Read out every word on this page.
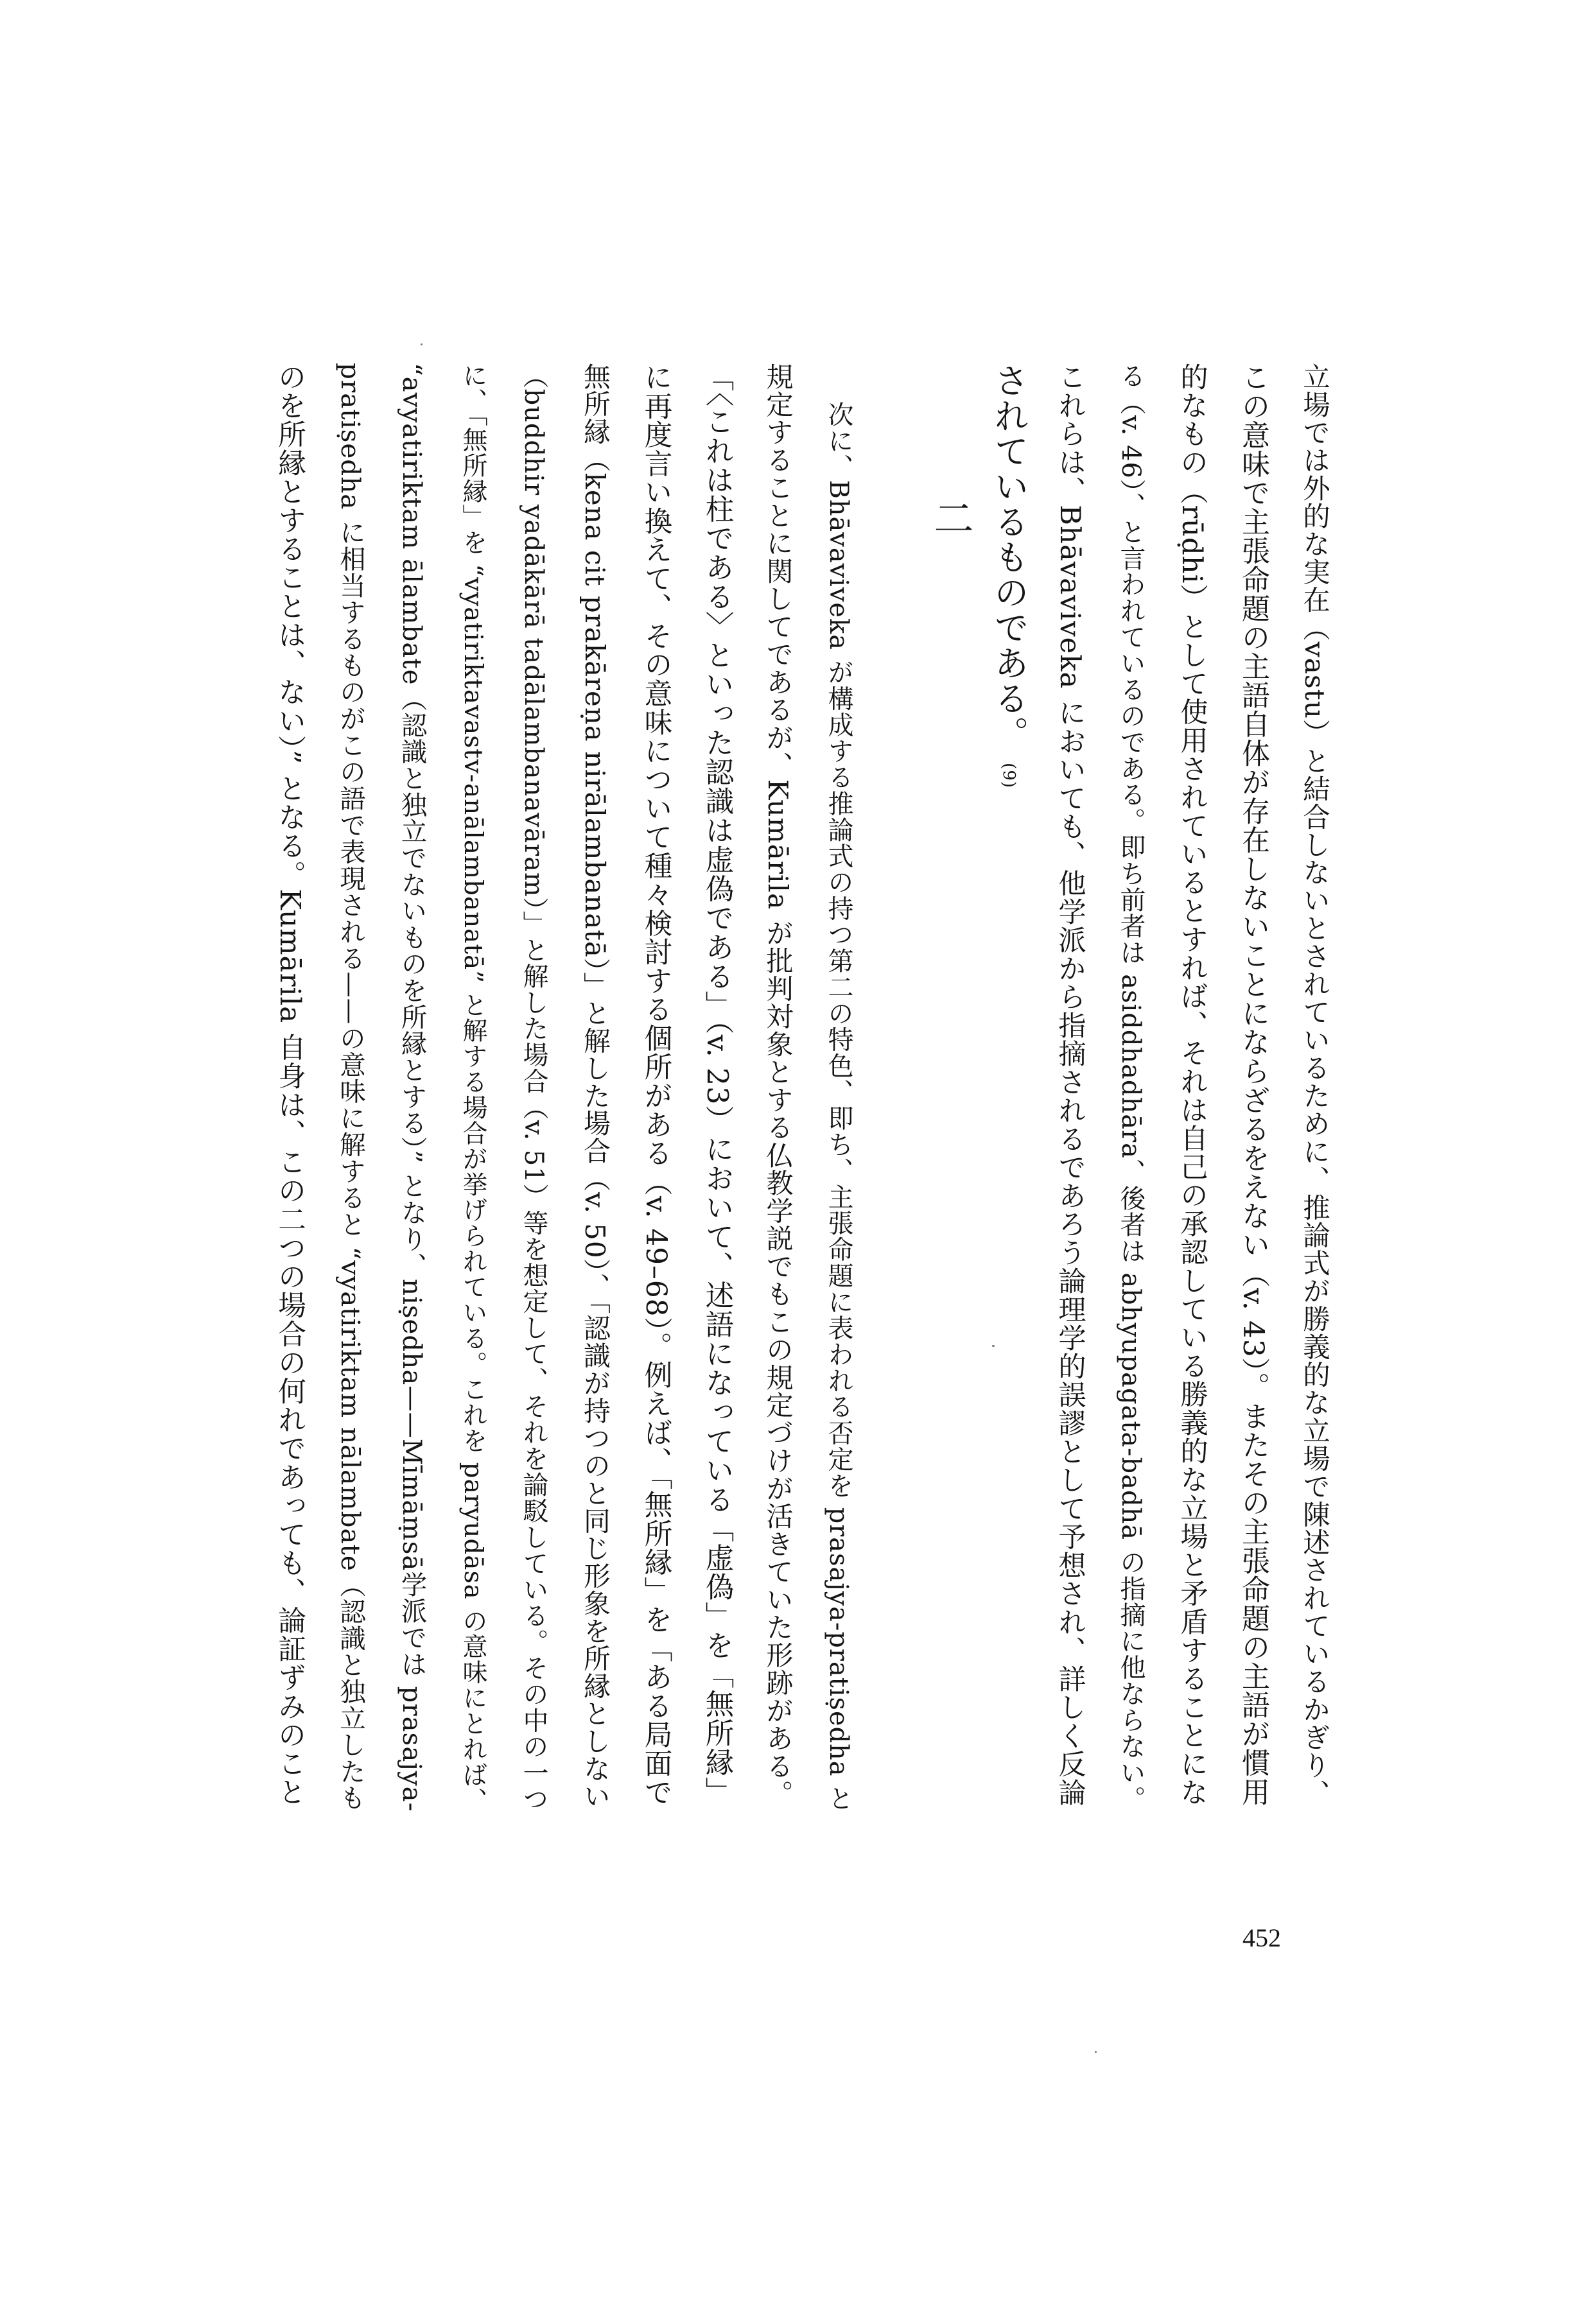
立場では外的な実在（vastu）と結合しないとされているために、推論式が勝義的な立場で陳述されているかぎり、
この意味で主張命題の主語自体が存在しないことにならざるをえない（v. 43）。またその主張命題の主語が慣用
的なもの（rūḍhi）として使用されているとすれば、それは自己の承認している勝義的な立場と矛盾することにな
る（v. 46）、と言われているのである。即ち前者は asiddhadhāra、後者は abhyupagata-badhā の指摘に他ならない。
これらは、Bhāvaviveka においても、他学派から指摘されるであろう論理学的誤謬として予想され、詳しく反論
されているものである。 (9)
二
次に、Bhāvaviveka が構成する推論式の持つ第二の特色、即ち、主張命題に表われる否定を prasajya-pratiṣedha と
規定することに関してであるが、Kumārila が批判対象とする仏教学説でもこの規定づけが活きていた形跡がある。
「〈これは柱である〉といった認識は虚偽である」（v. 23）において、述語になっている「虚偽」を「無所縁」
に再度言い換えて、その意味について種々検討する個所がある（v. 49–68）。例えば、「無所縁」を「ある局面で
無所縁（kena cit prakāreṇa nirālambanatā）」と解した場合（v. 50）、「認識が持つのと同じ形象を所縁としない
（buddhir yadākārā tadālambanavāram）」と解した場合（v. 51）等を想定して、それを論駁している。その中の一つ
に、「無所縁」を “vyatiriktavastv-anālambanatā” と解する場合が挙げられている。これを paryudāsa の意味にとれば、
“avyatiriktam ālambate（認識と独立でないものを所縁とする）” となり、niṣedha——Mīmāṃsā学派では prasajya-
pratiṣedha に相当するものがこの語で表現される——の意味に解すると “vyatiriktam nālambate（認識と独立したも
のを所縁とすることは、ない）” となる。Kumārila 自身は、この二つの場合の何れであっても、論証ずみのこと
452
